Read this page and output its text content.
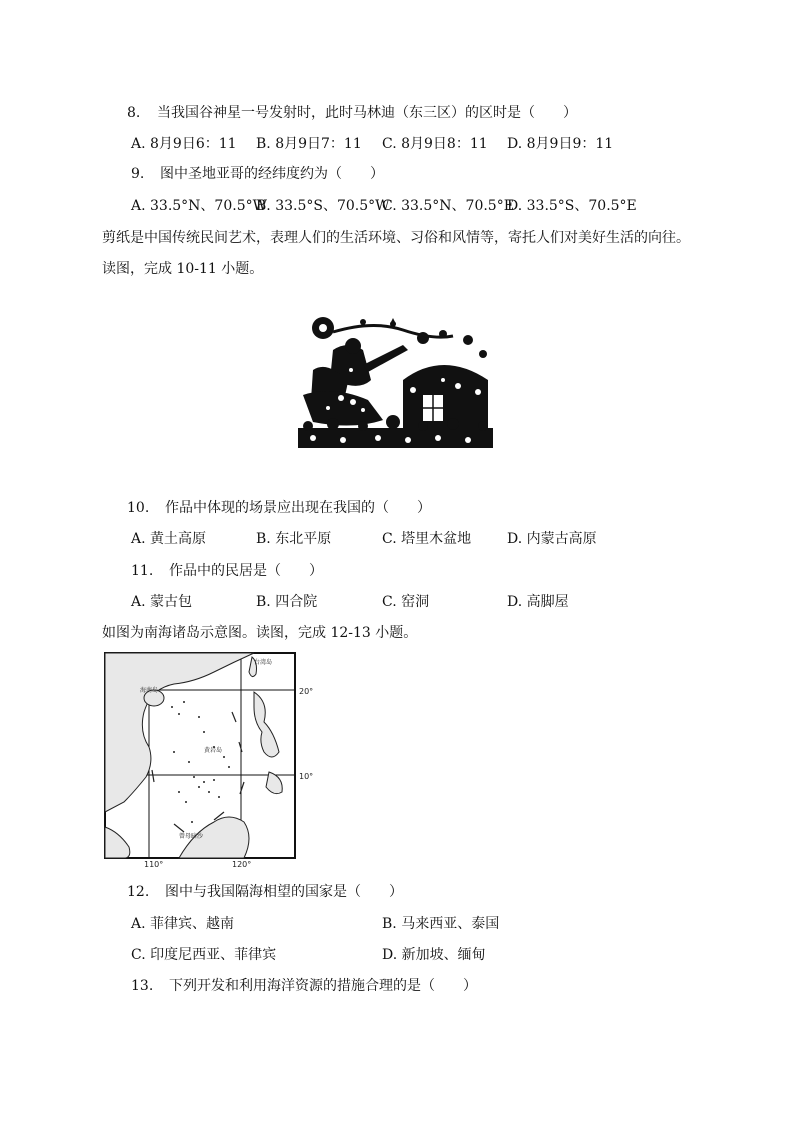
8. 当我国谷神星一号发射时，此时马林迪（东三区）的区时是（　　）
A. 8月9日6：11 B. 8月9日7：11 C. 8月9日8：11 D. 8月9日9：11
9. 图中圣地亚哥的经纬度约为（　　）
A. 33.5°N、70.5°W
B. 33.5°S、70.5°W
C. 33.5°N、70.5°E
D. 33.5°S、70.5°E
剪纸是中国传统民间艺术，表理人们的生活环境、习俗和风情等，寄托人们对美好生活的向往。
读图，完成 10-11 小题。
10. 作品中体现的场景应出现在我国的（　　）
A. 黄土高原	B. 东北平原	C. 塔里木盆地	D. 内蒙古高原
11. 作品中的民居是（　　）
A. 蒙古包	B. 四合院	C. 窑洞	D. 高脚屋
如图为南海诸岛示意图。读图，完成 12-13 小题。
台湾岛
海南岛
黄岩岛
曾母暗沙
20°
10°
110°	120°
12. 图中与我国隔海相望的国家是（　　）
A. 菲律宾、越南	B. 马来西亚、泰国
C. 印度尼西亚、菲律宾	D. 新加坡、缅甸
13. 下列开发和利用海洋资源的措施合理的是（　　）
